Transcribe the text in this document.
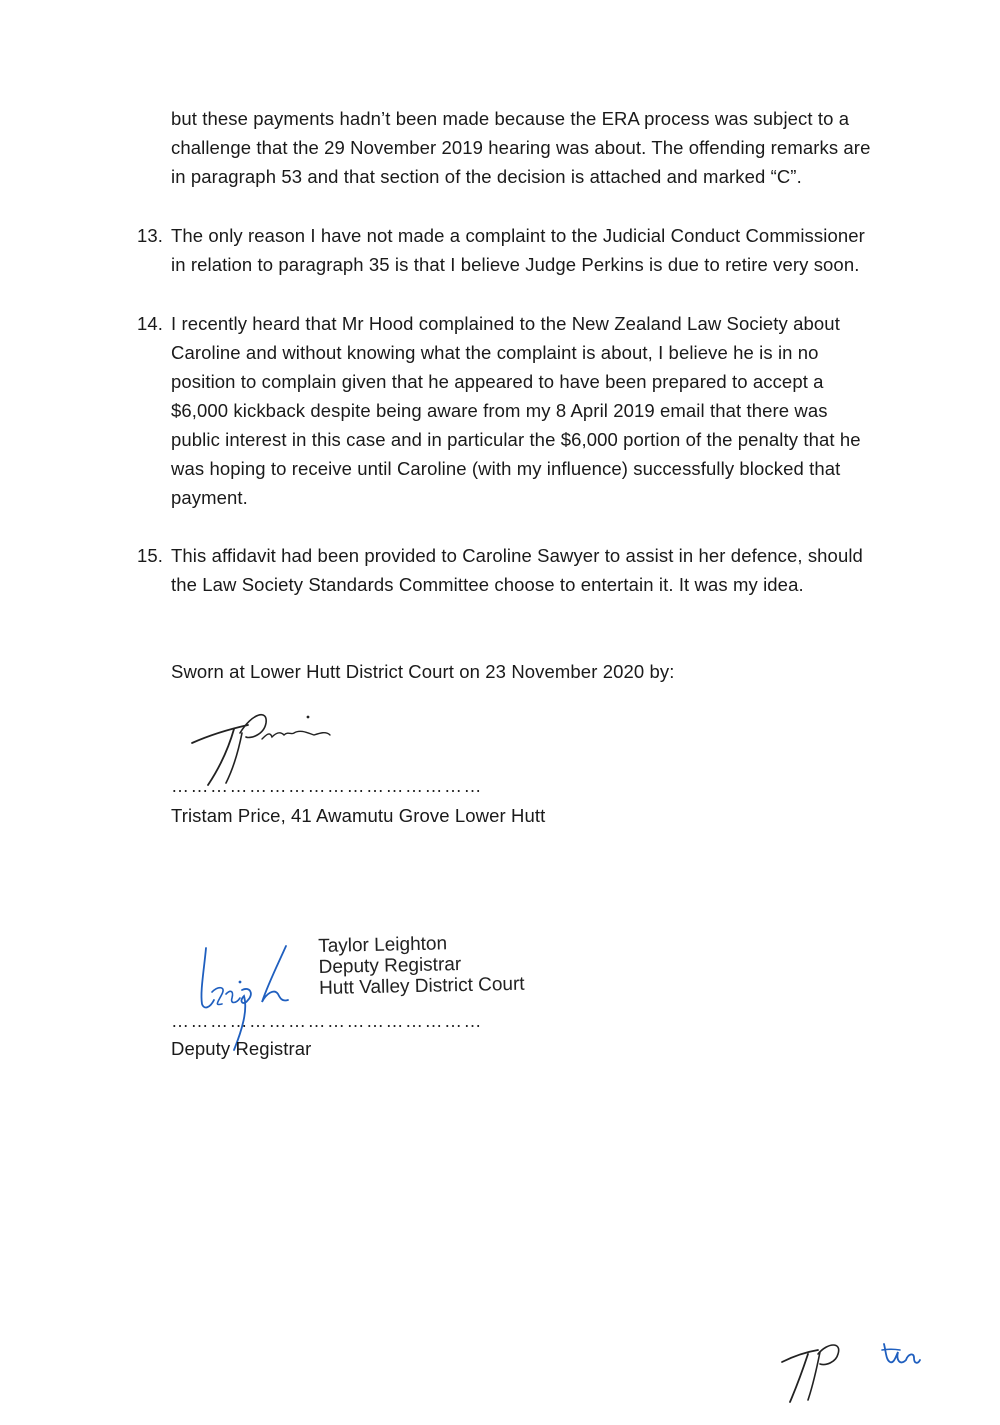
but these payments hadn’t been made because the ERA process was subject to a
challenge that the 29 November 2019 hearing was about. The offending remarks are
in paragraph 53 and that section of the decision is attached and marked “C”.
13. The only reason I have not made a complaint to the Judicial Conduct Commissioner
in relation to paragraph 35 is that I believe Judge Perkins is due to retire very soon.
14. I recently heard that Mr Hood complained to the New Zealand Law Society about
Caroline and without knowing what the complaint is about, I believe he is in no
position to complain given that he appeared to have been prepared to accept a
$6,000 kickback despite being aware from my 8 April 2019 email that there was
public interest in this case and in particular the $6,000 portion of the penalty that he
was hoping to receive until Caroline (with my influence) successfully blocked that
payment.
15. This affidavit had been provided to Caroline Sawyer to assist in her defence, should
the Law Society Standards Committee choose to entertain it. It was my idea.
Sworn at Lower Hutt District Court on 23 November 2020 by:
…………………………………………
Tristam Price, 41 Awamutu Grove Lower Hutt
Taylor Leighton
Deputy Registrar
Hutt Valley District Court
…………………………………………
Deputy Registrar
